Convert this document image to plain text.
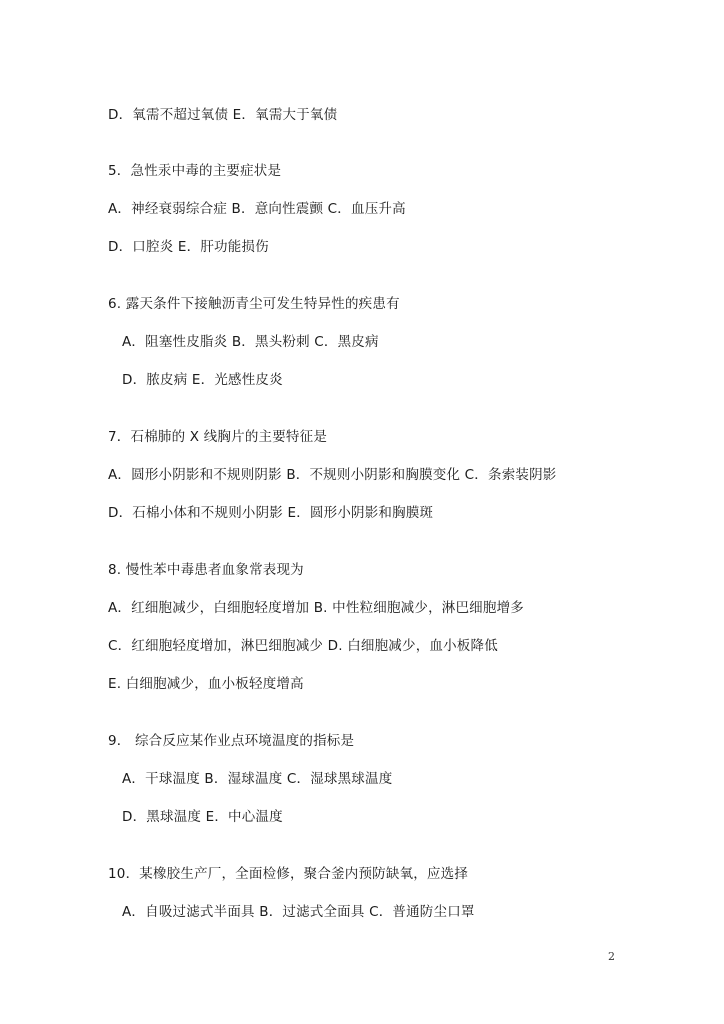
D．氧需不超过氧债 E．氧需大于氧债
5．急性汞中毒的主要症状是
A．神经衰弱综合症 B．意向性震颤 C．血压升高
D．口腔炎 E．肝功能损伤
6. 露天条件下接触沥青尘可发生特异性的疾患有
A．阻塞性皮脂炎 B．黑头粉刺 C．黑皮病
D．脓皮病 E．光感性皮炎
7．石棉肺的 X 线胸片的主要特征是
A．圆形小阴影和不规则阴影 B．不规则小阴影和胸膜变化 C．条索装阴影
D．石棉小体和不规则小阴影 E．圆形小阴影和胸膜斑
8. 慢性苯中毒患者血象常表现为
A．红细胞减少，白细胞轻度增加 B. 中性粒细胞减少，淋巴细胞增多
C．红细胞轻度增加，淋巴细胞减少 D. 白细胞减少，血小板降低
E. 白细胞减少，血小板轻度增高
9． 综合反应某作业点环境温度的指标是
A．干球温度 B．湿球温度 C．湿球黑球温度
D．黑球温度 E．中心温度
10．某橡胶生产厂，全面检修，聚合釜内预防缺氧，应选择
A．自吸过滤式半面具 B．过滤式全面具 C．普通防尘口罩
2
